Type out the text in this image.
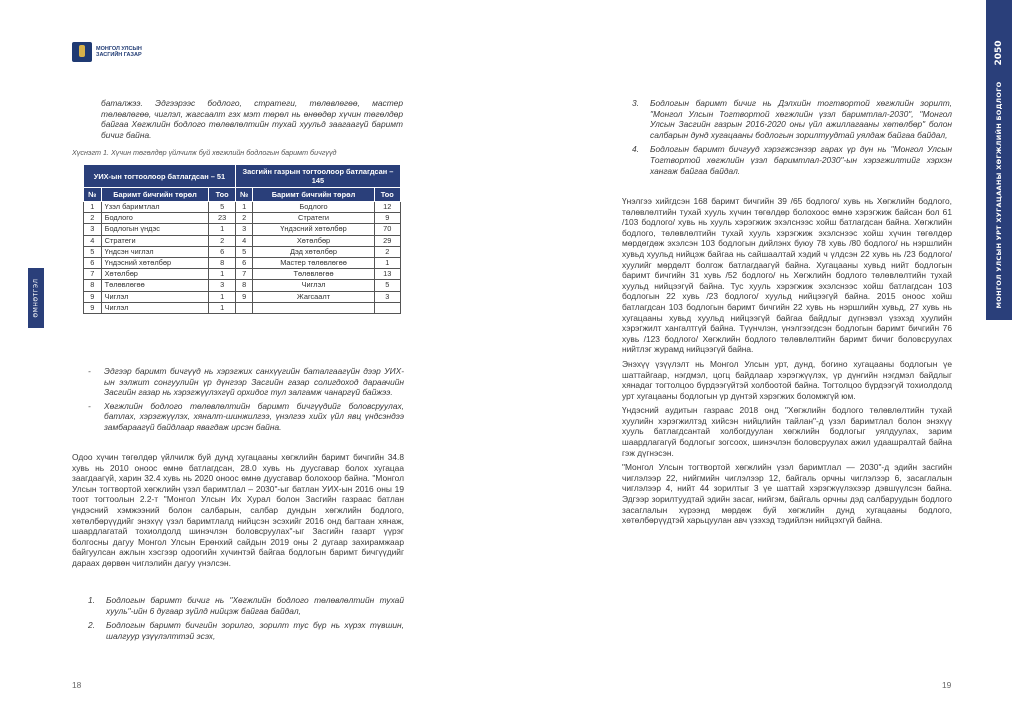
МОНГОЛ УЛСЫН
ЗАСГИЙН ГАЗАР
ӨМНӨТГЭЛ
баталжээ. Эдгээрээс бодлого, стратеги, төлөвлөгөө, мастер төлөвлөгөө, чиглэл, жагсаалт гэх мэт төрөл нь өнөөдөр хүчин төгөлдөр байгаа Хөгжлийн бодлого төлөвлөлтийн тухай хуульд заагаагүй баримт бичиг байна.
Хүснэгт 1. Хүчин төгөлдөр үйлчилж буй хөгжлийн бодлогын баримт бичгүүд
УИХ-ын тогтоолоор батлагдсан – 51			Засгийн газрын тогтоолоор батлагдсан – 145		
№	Баримт бичгийн төрөл	Too	№	Баримт бичгийн төрөл	Too
1	Үзэл баримтлал	5	1	Бодлого	12
2	Бодлого	23	2	Стратеги	9
3	Бодлогын үндэс	1	3	Үндэсний хөтөлбөр	70
4	Стратеги	2	4	Хөтөлбөр	29
5	Үндсэн чиглэл	6	5	Дэд хөтөлбөр	2
6	Үндэсний хөтөлбөр	8	6	Мастер төлөвлөгөө	1
7	Хөтөлбөр	1	7	Төлөвлөгөө	13
8	Төлөвлөгөө	3	8	Чиглэл	5
9	Чиглэл	1	9	Жагсаалт	3
9	Чиглэл	1			
-	Эдгээр баримт бичгүүд нь хэрэгжих санхүүгийн баталгаагүйн дээр УИХ-ын ээлжит сонгуулийн үр дүнгээр Засгийн газар солигдоход дараачийн Засгийн газар нь хэрэгжүүлэхгүй орхидог тул залгамж чанаргүй байжээ.
-	Хөгжлийн бодлого төлөвлөлтийн баримт бичгүүдийг боловсруулах, батлах, хэрэгжүүлэх, хяналт-шинжилгээ, үнэлгээ хийх үйл явц үндсэндээ замбараагүй байдлаар явагдаж ирсэн байна.
Одоо хүчин төгөлдөр үйлчилж буй дунд хугацааны хөгжлийн баримт бичгийн 34.8 хувь нь 2010 оноос өмнө батлагдсан, 28.0 хувь нь дуусгавар болох хугацаа заагдаагүй, харин 32.4 хувь нь 2020 оноос өмнө дуусгавар болохоор байна. "Монгол Улсын тогтвортой хөгжлийн үзэл баримтлал – 2030"-ыг батлан УИХ-ын 2016 оны 19 тоот тогтоолын 2.2-т "Монгол Улсын Их Хурал болон Засгийн газраас батлан үндэсний хэмжээний болон салбарын, салбар дундын хөгжлийн бодлого, хөтөлбөрүүдийг энэхүү үзэл баримтлалд нийцсэн эсэхийг 2016 онд багтаан хянаж, шаардлагатай тохиолдолд шинэчлэн боловсруулах"-ыг Засгийн газарт үүрэг болгосны дагуу Монгол Улсын Ерөнхий сайдын 2019 оны 2 дугаар захирамжаар байгуулсан ажлын хэсгээр одоогийн хүчинтэй байгаа бодлогын баримт бичгүүдийг дараах дөрвөн чиглэлийн дагуу үнэлсэн.
1.	Бодлогын баримт бичиг нь "Хөгжлийн бодлого төлөвлөлтийн тухай хууль"-ийн 6 дугаар зүйлд нийцэж байгаа байдал,
2.	Бодлогын баримт бичгийн зорилго, зорилт тус бүр нь хүрэх түвшин, шалгуур үзүүлэлттэй эсэх,
18
3.	Бодлогын баримт бичиг нь Дэлхийн тогтвортой хөгжлийн зорилт, "Монгол Улсын Тогтвортой хөгжлийн үзэл баримтлал-2030", "Монгол Улсын Засгийн газрын 2016-2020 оны үйл ажиллагааны хөтөлбөр" болон салбарын дунд хугацааны бодлогын зорилтуудтай уялдаж байгаа байдал,
4.	Бодлогын баримт бичгууд хэрэгжсэнээр гарах үр дүн нь "Монгол Улсын Тогтвортой хөгжлийн үзэл баримтлал-2030"-ын хэрэгжилтийг хэрхэн хангаж байгаа байдал.

Үнэлгээ хийгдсэн 168 баримт бичгийн 39 /65 бодлого/ хувь нь Хөгжлийн бодлого, төлөвлөлтийн тухай хууль хүчин төгөлдөр болохоос өмнө хэрэгжиж байсан бол 61 /103 бодлого/ хувь нь хууль хэрэгжиж эхэлснээс хойш батлагдсан байна. Хөгжлийн бодлого, төлөвлөлтийн тухай хууль хэрэгжиж эхэлснээс хойш хүчин төгөлдөр мөрдөгдөж эхэлсэн 103 бодлогын дийлэнх буюу 78 хувь /80 бодлого/ нь нэршлийн хувьд хуульд нийцэж байгаа нь сайшаалтай хэдий ч үлдсэн 22 хувь нь /23 бодлого/ хуулийг мөрдөлт болгож батлагдаагүй байна. Хугацааны хувьд нийт бодлогын баримт бичгийн 31 хувь /52 бодлого/ нь Хөгжлийн бодлого төлөвлөлтийн тухай хуульд нийцээгүй байна. Тус хууль хэрэгжиж эхэлснээс хойш батлагдсан 103 бодлогын 22 хувь /23 бодлого/ хуульд нийцээгүй байна. 2015 оноос хойш батлагдсан 103 бодлогын баримт бичгийн 22 хувь нь нэршлийн хувьд, 27 хувь нь хугацааны хувьд хуульд нийцээгүй байгаа байдлыг дүгнэвэл үзэхэд хуулийн хэрэгжилт хангалтгүй байна. Түүнчлэн, үнэлгээгдсэн бодлогын баримт бичгийн 76 хувь /123 бодлого/ Хөгжлийн бодлого төлөвлөлтийн баримт бичиг боловсруулах нийтлэг журамд нийцээгүй байна.

Энэхүү үзүүлэлт нь Монгол Улсын урт, дунд, богино хугацааны бодлогын үе шаттайгаар, нэгдмэл, цогц байдлаар хэрэгжүүлэх, үр дүнгийн нэгдмэл байдлыг хянадаг тогтолцоо бүрдээгүйтэй холбоотой байна. Тогтолцоо бүрдээгүй тохиолдолд урт хугацааны бодлогын үр дүнтэй хэрэгжих боломжгүй юм.

Үндэсний аудитын газраас 2018 онд "Хөгжлийн бодлого төлөвлөлтийн тухай хуулийн хэрэгжилтэд хийсэн нийцлийн тайлан"-д үзэл баримтлал болон энэхүү хууль батлагдсантай холбогдуулан хөгжлийн бодлогыг уялдуулах, зарим шаардлагагүй бодлогыг зогсоох, шинэчлэн боловсруулах ажил удаашралтай байна гэж дүгнэсэн.

"Монгол Улсын тогтвортой хөгжлийн үзэл баримтлал — 2030"-д эдийн засгийн чиглэлээр 22, нийгмийн чиглэлээр 12, байгаль орчны чиглэлээр 6, засаглалын чиглэлээр 4, нийт 44 зорилтыг 3 үе шаттай хэрэгжүүлэхээр дэвшүүлсэн байна. Эдгээр зорилтуудтай эдийн засаг, нийгэм, байгаль орчны дэд салбаруудын бодлого засаглалын хүрээнд мөрдөж буй хөгжлийн дунд хугацааны бодлого, хөтөлбөрүүдтэй харьцуулан авч үзэхэд тэдийлэн нийцэхгүй байна.

19
2050
МОНГОЛ УЛСЫН УРТ ХУГАЦААНЫ ХӨГЖЛИЙН БОДЛОГО
